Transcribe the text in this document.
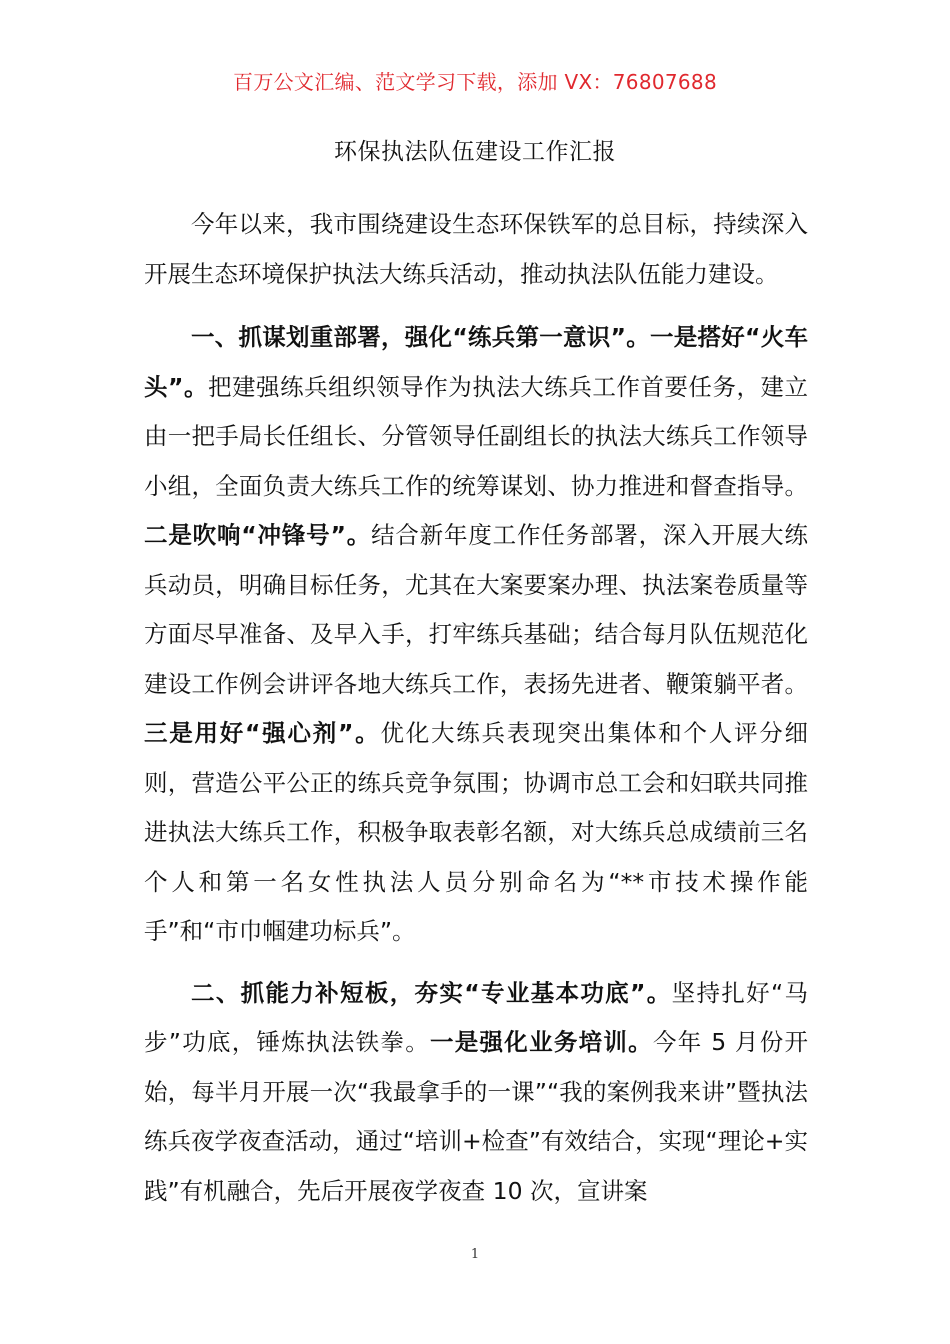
百万公文汇编、范文学习下载，添加 VX：76807688
环保执法队伍建设工作汇报

今年以来，我市围绕建设生态环保铁军的总目标，持续深入开展生态环境保护执法大练兵活动，推动执法队伍能力建设。

一、抓谋划重部署，强化“练兵第一意识”。一是搭好“火车头”。把建强练兵组织领导作为执法大练兵工作首要任务，建立由一把手局长任组长、分管领导任副组长的执法大练兵工作领导小组，全面负责大练兵工作的统筹谋划、协力推进和督查指导。二是吹响“冲锋号”。结合新年度工作任务部署，深入开展大练兵动员，明确目标任务，尤其在大案要案办理、执法案卷质量等方面尽早准备、及早入手，打牢练兵基础；结合每月队伍规范化建设工作例会讲评各地大练兵工作，表扬先进者、鞭策躺平者。三是用好“强心剂”。优化大练兵表现突出集体和个人评分细则，营造公平公正的练兵竞争氛围；协调市总工会和妇联共同推进执法大练兵工作，积极争取表彰名额，对大练兵总成绩前三名个人和第一名女性执法人员分别命名为“**市技术操作能手”和“市巾帼建功标兵”。

二、抓能力补短板，夯实“专业基本功底”。坚持扎好“马步”功底，锤炼执法铁拳。一是强化业务培训。今年 5 月份开始，每半月开展一次“我最拿手的一课”“我的案例我来讲”暨执法练兵夜学夜查活动，通过“培训+检查”有效结合，实现“理论+实践”有机融合，先后开展夜学夜查 10 次，宣讲案

1
